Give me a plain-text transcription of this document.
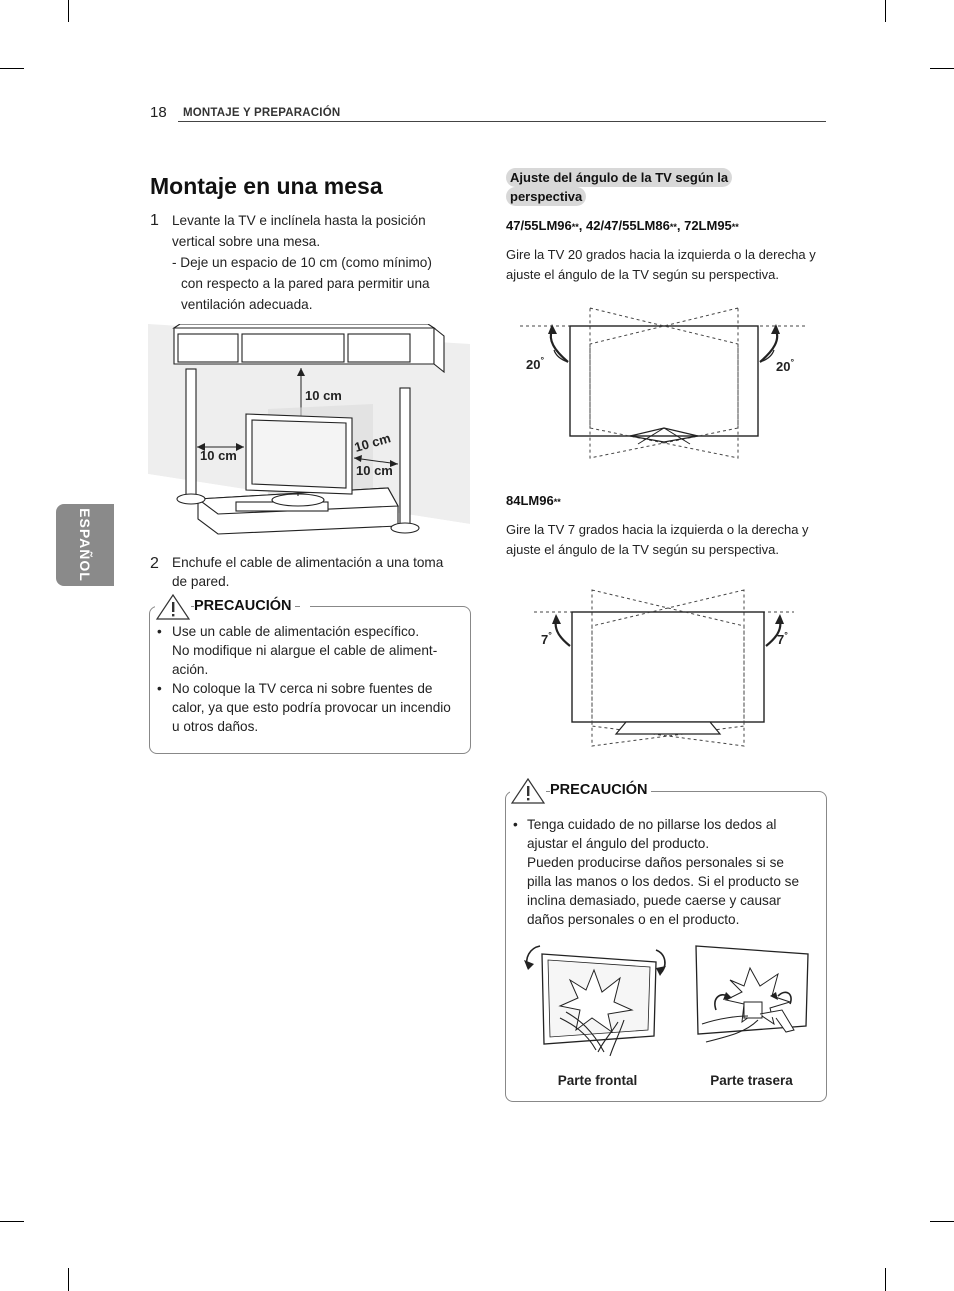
18 MONTAJE Y PREPARACIÓN
ESPAÑOL
Montaje en una mesa
1 Levante la TV e inclínela hasta la posición
vertical sobre una mesa.
- Deje un espacio de 10 cm (como mínimo)
con respecto a la pared para permitir una
ventilación adecuada.
10 cm
10 cm
10 cm
10 cm
2 Enchufe el cable de alimentación a una toma
de pared.
PRECAUCIÓN
• Use un cable de alimentación específico.
No modifique ni alargue el cable de aliment-
ación.
• No coloque la TV cerca ni sobre fuentes de
calor, ya que esto podría provocar un incendio
u otros daños.
Ajuste del ángulo de la TV según la
perspectiva
47/55LM96**, 42/47/55LM86**, 72LM95**
Gire la TV 20 grados hacia la izquierda o la derecha y
ajuste el ángulo de la TV según su perspectiva.
20°	20°
84LM96**
Gire la TV 7 grados hacia la izquierda o la derecha y
ajuste el ángulo de la TV según su perspectiva.
7°	7°
PRECAUCIÓN
• Tenga cuidado de no pillarse los dedos al
ajustar el ángulo del producto.
Pueden producirse daños personales si se
pilla las manos o los dedos. Si el producto se
inclina demasiado, puede caerse y causar
daños personales o en el producto.
Parte frontal	Parte trasera
